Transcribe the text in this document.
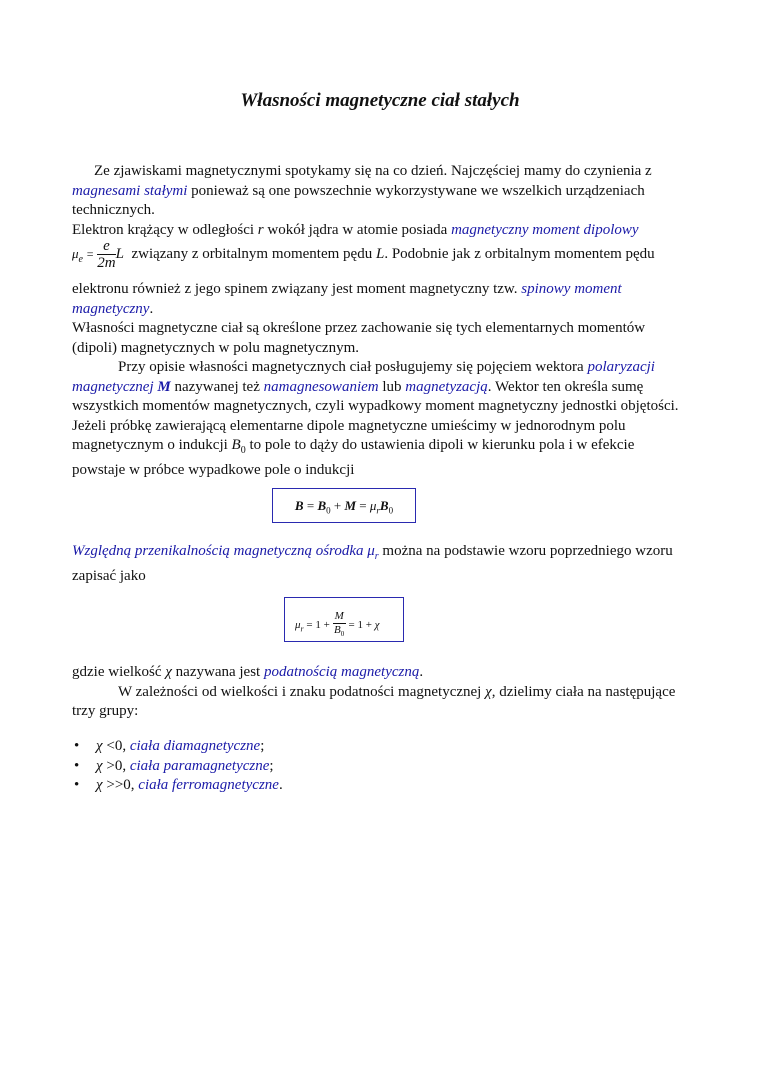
Własności magnetyczne ciał stałych
Ze zjawiskami magnetycznymi spotykamy się na co dzień. Najczęściej mamy do czynienia z magnesami stałymi ponieważ są one powszechnie wykorzystywane we wszelkich urządzeniach technicznych.
Elektron krążący w odległości r wokół jądra w atomie posiada magnetyczny moment dipolowy
$\mu_e = \frac{e}{2m}$ L związany z orbitalnym momentem pędu L. Podobnie jak z orbitalnym momentem pędu
elektronu również z jego spinem związany jest moment magnetyczny tzw. spinowy moment magnetyczny.
Własności magnetyczne ciał są określone przez zachowanie się tych elementarnych momentów (dipoli) magnetycznych w polu magnetycznym.
Przy opisie własności magnetycznych ciał posługujemy się pojęciem wektora polaryzacji magnetycznej M nazywanej też namagnesowaniem lub magnetyzacją. Wektor ten określa sumę wszystkich momentów magnetycznych, czyli wypadkowy moment magnetyczny jednostki objętości. Jeżeli próbkę zawierającą elementarne dipole magnetyczne umieścimy w jednorodnym polu magnetycznym o indukcji $B_0$ to pole to dąży do ustawienia dipoli w kierunku pola i w efekcie powstaje w próbce wypadkowe pole o indukcji
$B = B_0 + M = \mu_rB_0$
Względną przenikalnością magnetyczną ośrodka $\mu_r$ można na podstawie wzoru poprzedniego wzoru zapisać jako
$\mu_r = 1 + \frac{M}{B_0} = 1 + \chi$
gdzie wielkość χ nazywana jest podatnością magnetyczną.
W zależności od wielkości i znaku podatności magnetycznej χ, dzielimy ciała na następujące trzy grupy:
• χ <0, ciała diamagnetyczne;
• χ >0, ciała paramagnetyczne;
• χ >>0, ciała ferromagnetyczne.
